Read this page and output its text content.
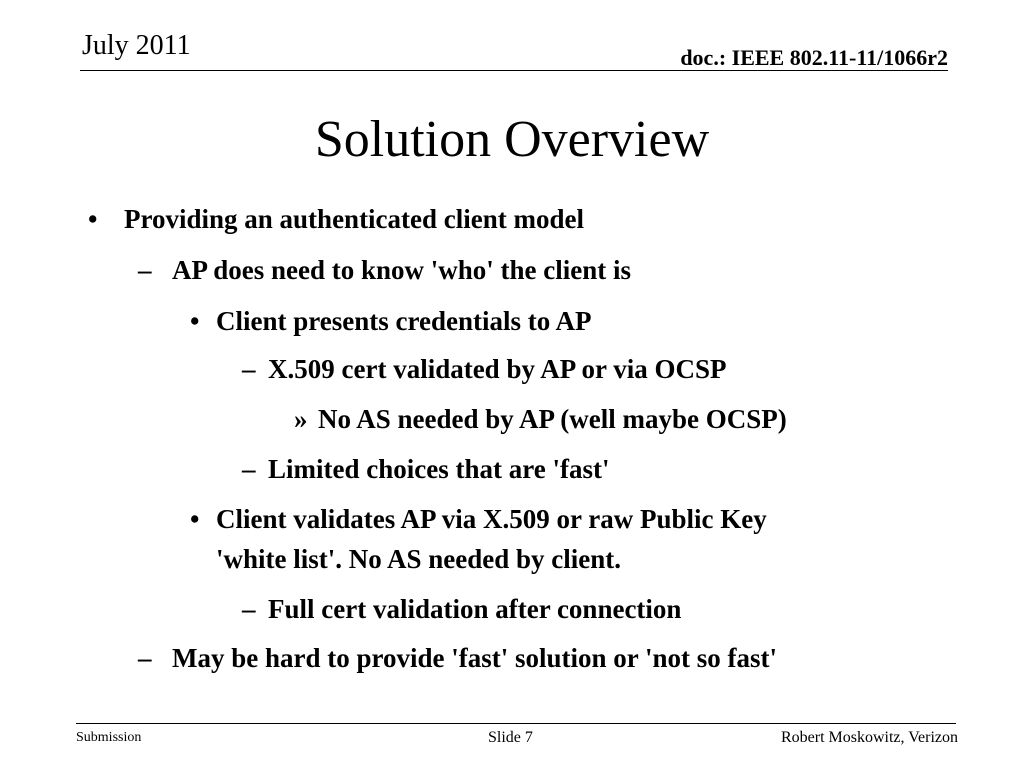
July 2011	doc.: IEEE 802.11-11/1066r2
Solution Overview
• Providing an authenticated client model
– AP does need to know 'who' the client is
• Client presents credentials to AP
– X.509 cert validated by AP or via OCSP
» No AS needed by AP (well maybe OCSP)
– Limited choices that are 'fast'
• Client validates AP via X.509 or raw Public Key
'white list'. No AS needed by client.
– Full cert validation after connection
– May be hard to provide 'fast' solution or 'not so fast'
Submission	Slide 7	Robert Moskowitz, Verizon
